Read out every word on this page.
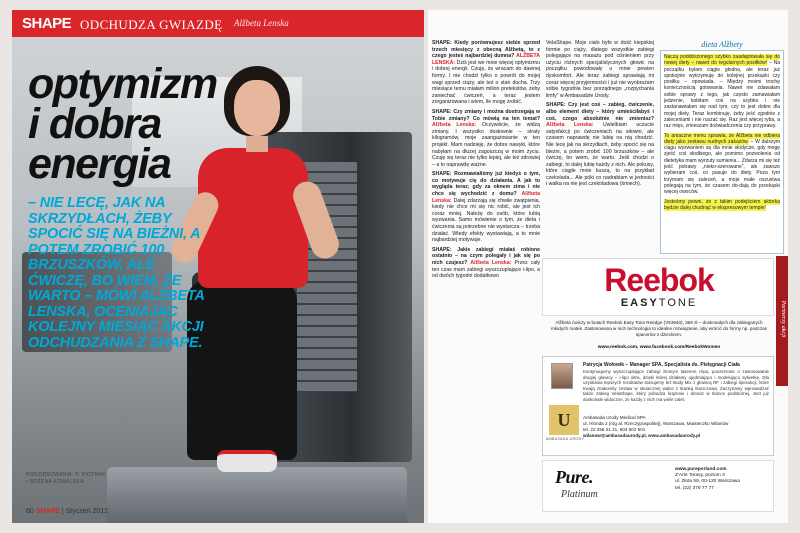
SHAPE ODCHUDZA GWIAZDĘ Alžbeta Lenska
optymizm
i dobra
energia
– NIE LECĘ, JAK NA SKRZYDŁACH, ŻEBY SPOCIĆ SIĘ NA BIEŻNI, A POTEM ZROBIĆ 100 BRZUSZKÓW, ALE ĆWICZĘ, BO WIEM, ŻE WARTO – MÓWI ALŽBETA LENSKA, OCENIAJĄC KOLEJNY MIESIĄC AKCJI ODCHUDZANIA Z SHAPE.
PODZIĘKOWANIA: P. PIOTRAK • BOŻENA KOWALSKA
60 SHAPE | Styczeń 2012

SHAPE: Kiedy porównujesz siebie sprzed trzech miesięcy z obecną Alžbetą, to z czego jesteś najbardziej dumna? ALŽBETA LENSKA: Dziś jest we mnie więcej optymizmu i dobrej energii. Czuję, że wracam do dawnej formy. I nie chodzi tylko o powrót do mojej wagi sprzed ciąży, ale też o stan ducha. Trzy miesiące temu miałam milion pretekstów, żeby zaniechać ćwiczeń, a teraz jestem zorganizowana i wiem, ile mogę zrobić.

SHAPE: Czy zmiany i można dostrzegają w Tobie zmiany? Co mówią na ten temat? Alžbeta Lenska: Oczywiście, że widzą zmiany. I wszystko dosłownie – straty kilogramów, moje zaangażowanie w ten projekt. Mam nadzieję, że dobre nawyki, które nabyłam na dłużej zagoszczą w moim życiu. Czuję się teraz nie tylko lepiej, ale też zdrowiej – a to naprawdę ważne.

SHAPE: Rozmawialiśmy już kiedyś o tym, co motywuje cię do działania. A jak to wygląda teraz; gdy za oknem zima i nie chce się wychodzić z domu? Alžbeta Lenska: Dalej zdarzają się chwile zwątpienia, kiedy nie chce mi się nic robić, ale jest ich coraz mniej. Należę do osób, które lubią wyzwania. Samo mówienie o tym, że dieta i ćwiczenia są potrzebne nie wystarcza – trzeba działać. Wtedy efekty wystawiają, a to mnie najbardziej motywuje.

SHAPE: Jakie zabiegi miałaś robione ostatnio – na czym polegały i jak się po nich czujesz? Alžbeta Lenska: Przez cały ten czas mam zabiegi wyszczuplające i-lipo, a od dwóch tygodni dodatkowo

VelaShape. Moje ciało było w dość kiepskiej formie po ciąży, dlatego wszystkie zabiegi polegające na masażu pod ciśnieniem przy użyciu różnych specjalistycznych głowic na początku powodowały u mnie pewien dyskomfort. Ale teraz zabiegi sprawiają mi coraz więcej przyjemności i już nie wyobrażam sobie tygodnia bez porządnego „rozpychania limfy” w Ambasadzie Urody.

SHAPE: Czy jest coś – zabieg, ćwiczenie, albo element diety – który umieściłabyś i coś, czego absolutnie nie zmienisz? Alžbeta Lenska: Uwielbiam uczucie satysfakcji po ćwiczeniach na siłowni, ale czasem naprawdę nie lubię na nią chodzić. Nie lecę jak na skrzydłach, żeby spocić się na bieżni, a potem zrobić 100 brzuszków – ale ćwiczę, bo wiem, że warto. Jeśli chodzi o zabiegi, to dalej lubię każdy z nich. Ale pokusy, które ciągle mnie kuszą, to na przykład czekolada... Ale póki co nadrabiam w jedności i walka na nie jest czekoladowa (śmiech).

dieta Alžbety

Naczą podobszonego szybko zaadaptowała się do nowej diety – nawet do regularnych posiłków! – Na początku byłam ciągle głodna, ale teraz już spokojnie wytrzymuję do kolejnej przekąski czy posiłku – opowiada. – Między moimi trochę koniecznością gotowania. Nawet nie zdawałam sobie sprawy z tego, jak często zamawiałam jedzenie, kobitam coś na szybko i nie zastanawiałam się nad tym, czy to jest dobre dla mojej diety. Teraz kombinuję, żeby jeść zgodnie z zaleceniami i nie ruszać się. Raz jest więcej ryba, a raz mięs, zmieszam doświadczenia czy przyprawy.

To amaczne menu sprawia, że Alžbeta nie odbiera diety jako zestawu nudnych zakazów. – W dalszym ciągu wyzwaniem są dla mnie słodycze, gdy mogę zjeść coś słodkiego, ale pomimo pozwolenia od dietetyka mam wyrzuty sumienia... Zdarza mi się też jeść potrawy „nieko-szerowane”, ale zawsze wybieram coś, co pasuje do diety. Poza tym trzymam się zaleceń, a moje małe oszustwa polegają na tym, że czasem do-dają do przekąski więcej owoców.

Jesteśmy pewni, że z takim podejściem aktorka będzie dalej chudnąć w ekspresowym tempie!

Partnerzy akcji
Reebok
EASYTONE
Alžbeta ćwiczy w butach Reebok Easy Tone Reedge (V53940), 369 zł – doskonałych dla zabieganych młodych matek. Zastosowana w nich technologia to idealne rozwiązanie, aby wrócić do formy np. podczas spacerów z dzieckiem.
www.reebok.com, www.facebook.com/ReebokWomen
Patrycja Wołowik – Manager SPA, Specjalista ds. Pielęgnacji Ciała
Kontynuujemy wyszczuplające zabiegi zimnym laserem i-lipo, poszerzone o zastosowanie drugiej głowicy – i-lipo ultra, dzięki której działamy ujędrniająco i modelująco sylwetkę. Dla uzyskania lepszych rezultatów stosujemy też Body Mix z głowicą RF i zabiegi liposukcji, które trwają znakomity zestaw w skutecznej walce z tkanką tłuszczową. Zaczynamy wprowadzać także zabieg VelaShape, który pobudza krążenie i drenaż w tkance podskórnej. Jest już doskonale widoczne, że każdy z nich ma wiele zalet.
U
AMBASADA URODY
Ambasada Urody Medical SPA
ul. Hlonda 2 (róg al. Rzeczypospolitej), Warszawa, Miasteczko Wilanów
tel. 22 255 21 21, 604 502 501
wilanow@ambasadaurody.pl, www.ambasadaurody.pl
Pure.
Platinum
www.pureporland.com
Z'Arte Tarasy, poziom 3
ul. Złota 59, 00-120 Warszawa
tel. (22) 379 77 77
